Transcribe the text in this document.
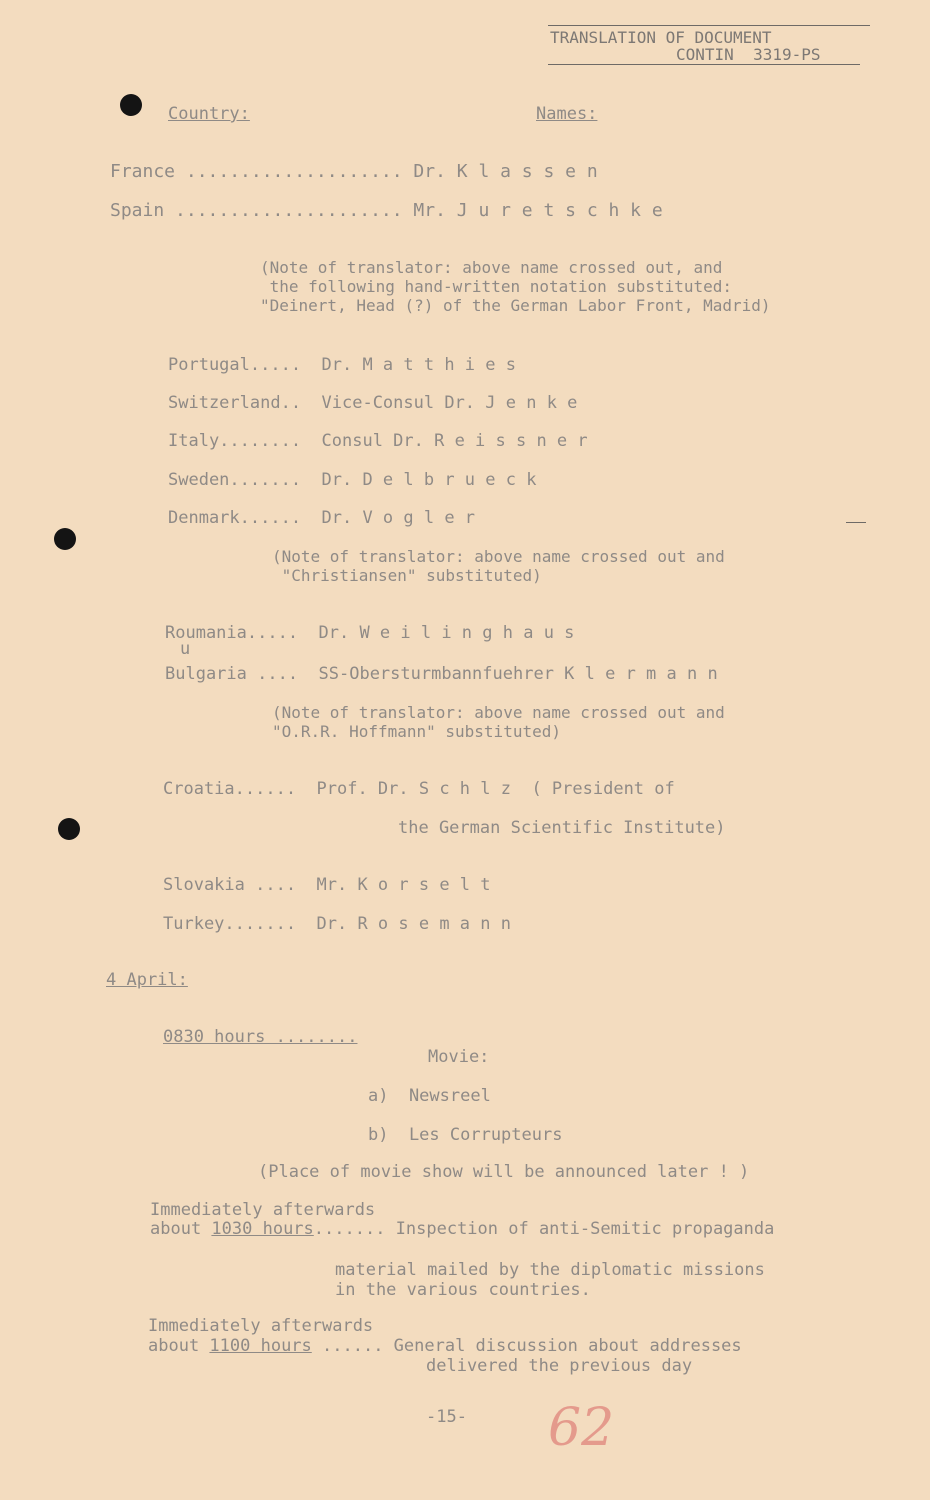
TRANSLATION OF DOCUMENT
CONTIN  3319-PS
Country:	Names:
France .................... Dr. K l a s s e n
Spain ..................... Mr. J u r e t s c h k e
(Note of translator: above name crossed out, and
the following hand-written notation substituted:
"Deinert, Head (?) of the German Labor Front, Madrid)
Portugal.....  Dr. M a t t h i e s
Switzerland..  Vice-Consul Dr. J e n k e
Italy........  Consul Dr. R e i s s n e r
Sweden.......  Dr. D e l b r u e c k
Denmark......  Dr. V o g l e r
(Note of translator: above name crossed out and
"Christiansen" substituted)
Roumania.....  Dr. W e i l i n g h a u s
u
Bulgaria ....  SS-Obersturmbannfuehrer K l e r m a n n
(Note of translator: above name crossed out and
"O.R.R. Hoffmann" substituted)
Croatia......  Prof. Dr. S c h l z  ( President of
the German Scientific Institute)
Slovakia ....  Mr. K o r s e l t
Turkey.......  Dr. R o s e m a n n
4 April:
0830 hours ........
Movie:
a)  Newsreel
b)  Les Corrupteurs
(Place of movie show will be announced later ! )
Immediately afterwards
about 1030 hours....... Inspection of anti-Semitic propaganda
material mailed by the diplomatic missions
in the various countries.
Immediately afterwards
about 1100 hours ...... General discussion about addresses
delivered the previous day
-15- 62
